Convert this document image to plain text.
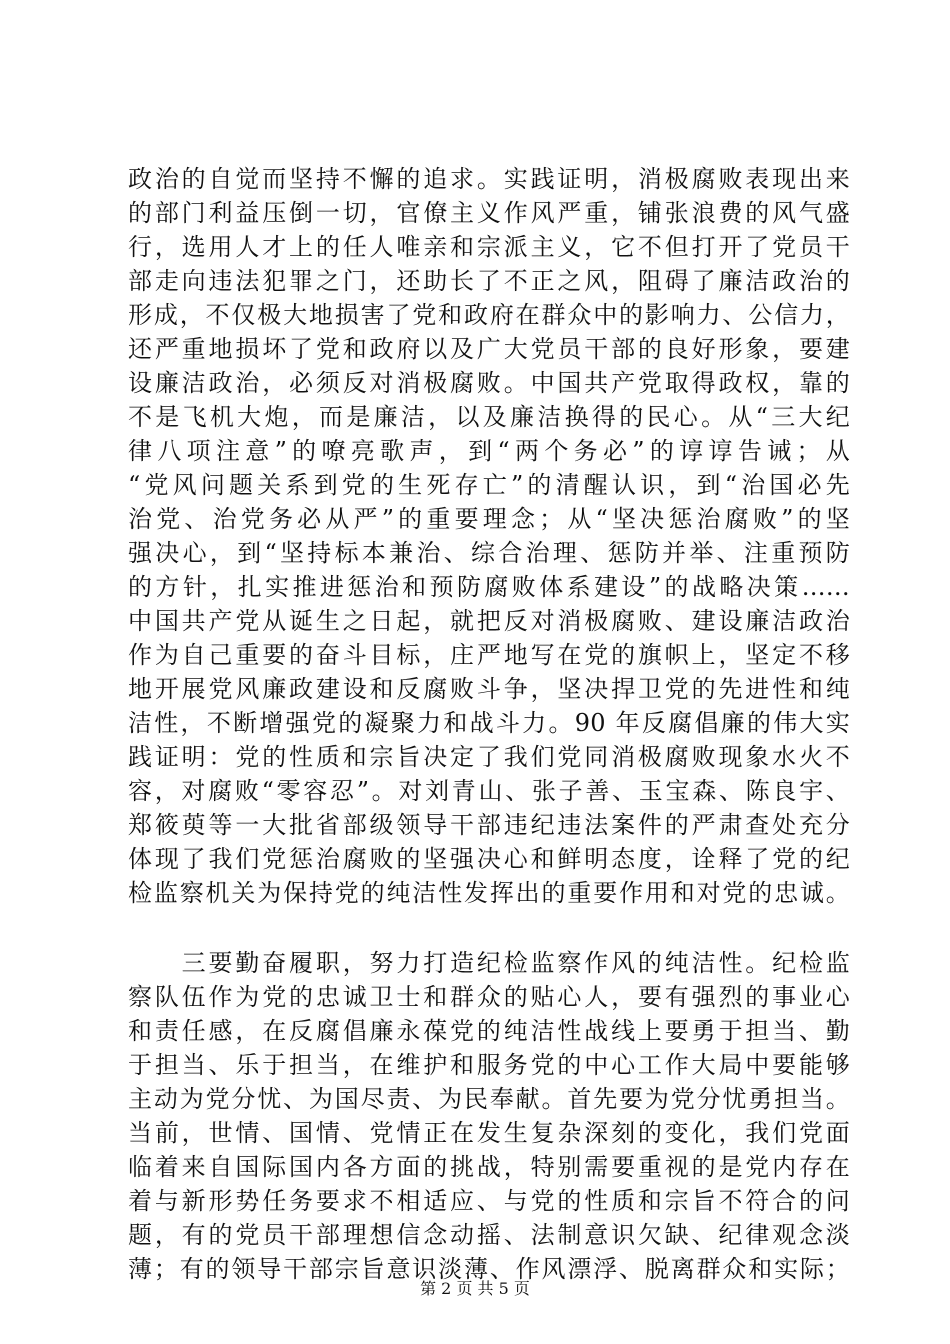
政治的自觉而坚持不懈的追求。实践证明，消极腐败表现出来
的部门利益压倒一切，官僚主义作风严重，铺张浪费的风气盛
行，选用人才上的任人唯亲和宗派主义，它不但打开了党员干
部走向违法犯罪之门，还助长了不正之风，阻碍了廉洁政治的
形成，不仅极大地损害了党和政府在群众中的影响力、公信力，
还严重地损坏了党和政府以及广大党员干部的良好形象，要建
设廉洁政治，必须反对消极腐败。中国共产党取得政权，靠的
不是飞机大炮，而是廉洁，以及廉洁换得的民心。从“三大纪
律八项注意”的嘹亮歌声，到“两个务必”的谆谆告诫；从
“党风问题关系到党的生死存亡”的清醒认识，到“治国必先
治党、治党务必从严”的重要理念；从“坚决惩治腐败”的坚
强决心，到“坚持标本兼治、综合治理、惩防并举、注重预防
的方针，扎实推进惩治和预防腐败体系建设”的战略决策……
中国共产党从诞生之日起，就把反对消极腐败、建设廉洁政治
作为自己重要的奋斗目标，庄严地写在党的旗帜上，坚定不移
地开展党风廉政建设和反腐败斗争，坚决捍卫党的先进性和纯
洁性，不断增强党的凝聚力和战斗力。90 年反腐倡廉的伟大实
践证明：党的性质和宗旨决定了我们党同消极腐败现象水火不
容，对腐败“零容忍”。对刘青山、张子善、玉宝森、陈良宇、
郑筱萸等一大批省部级领导干部违纪违法案件的严肃查处充分
体现了我们党惩治腐败的坚强决心和鲜明态度，诠释了党的纪
检监察机关为保持党的纯洁性发挥出的重要作用和对党的忠诚。
　　三要勤奋履职，努力打造纪检监察作风的纯洁性。纪检监
察队伍作为党的忠诚卫士和群众的贴心人，要有强烈的事业心
和责任感，在反腐倡廉永葆党的纯洁性战线上要勇于担当、勤
于担当、乐于担当，在维护和服务党的中心工作大局中要能够
主动为党分忧、为国尽责、为民奉献。首先要为党分忧勇担当。
当前，世情、国情、党情正在发生复杂深刻的变化，我们党面
临着来自国际国内各方面的挑战，特别需要重视的是党内存在
着与新形势任务要求不相适应、与党的性质和宗旨不符合的问
题，有的党员干部理想信念动摇、法制意识欠缺、纪律观念淡
薄；有的领导干部宗旨意识淡薄、作风漂浮、脱离群众和实际；
第 2 页 共 5 页
